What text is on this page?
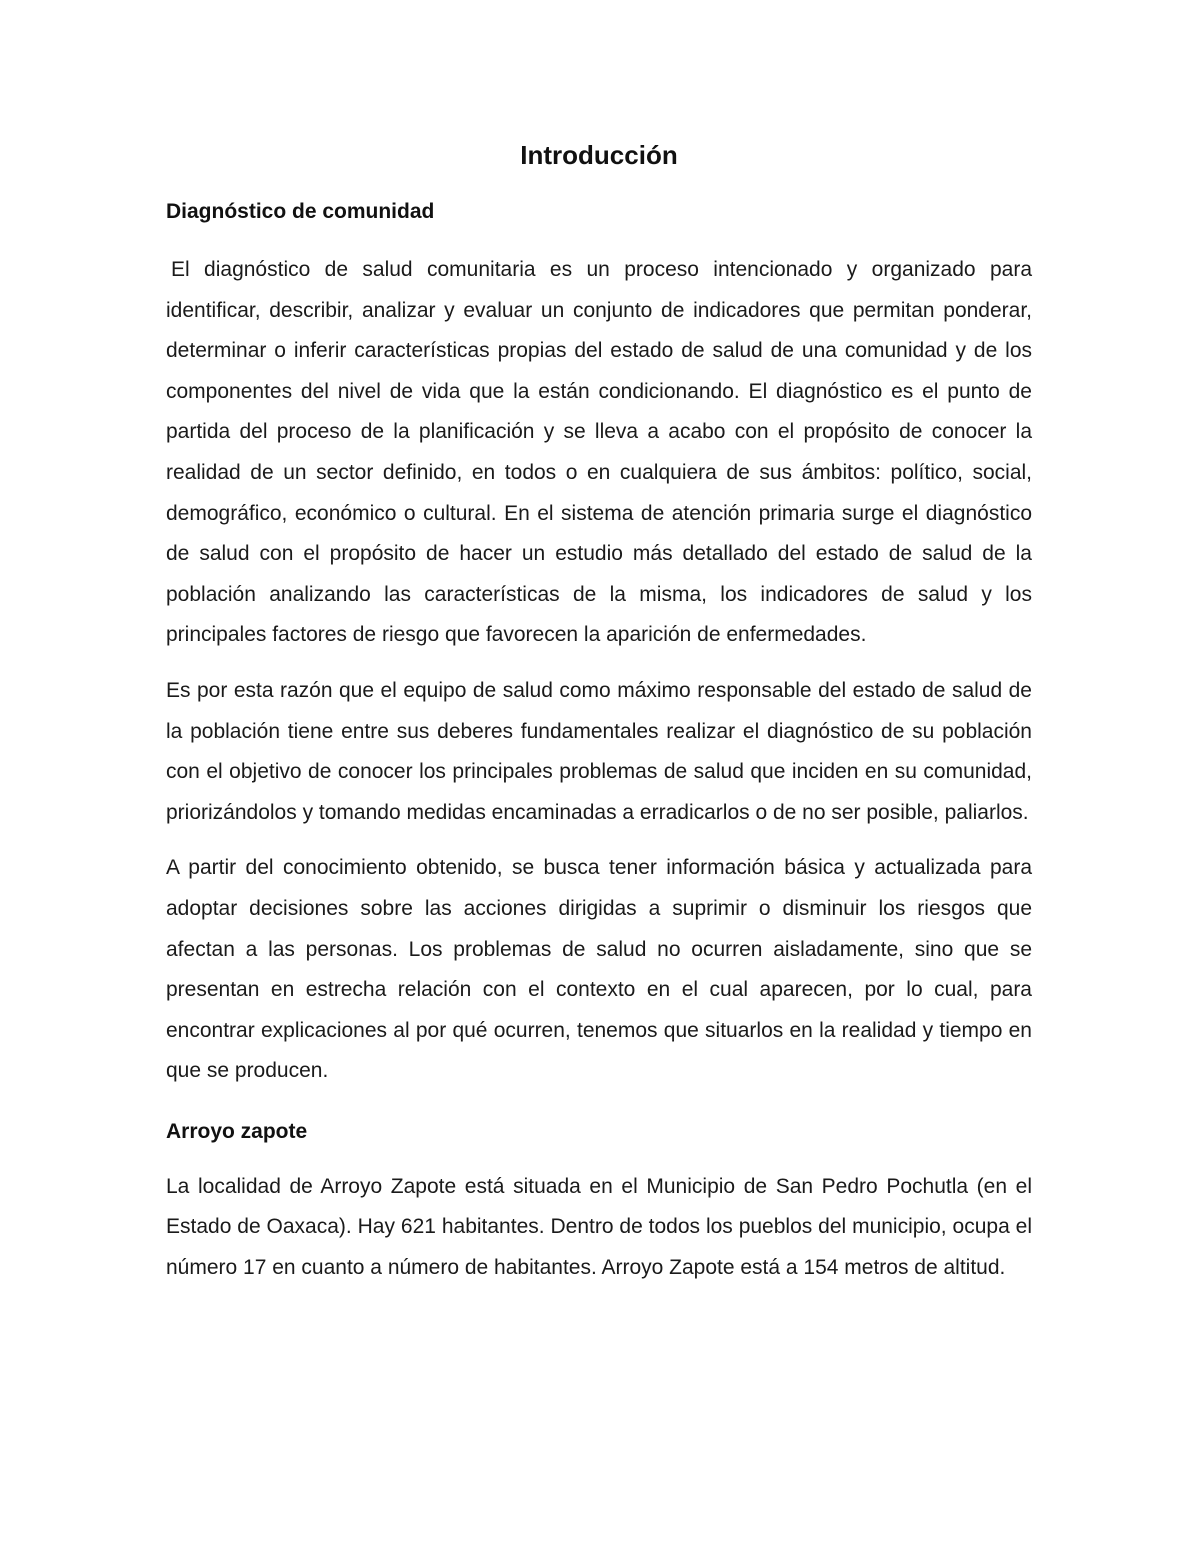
Introducción
Diagnóstico de comunidad

El diagnóstico de salud comunitaria es un proceso intencionado y organizado para identificar, describir, analizar y evaluar un conjunto de indicadores que permitan ponderar, determinar o inferir características propias del estado de salud de una comunidad y de los componentes del nivel de vida que la están condicionando. El diagnóstico es el punto de partida del proceso de la planificación y se lleva a acabo con el propósito de conocer la realidad de un sector definido, en todos o en cualquiera de sus ámbitos: político, social, demográfico, económico o cultural. En el sistema de atención primaria surge el diagnóstico de salud con el propósito de hacer un estudio más detallado del estado de salud de la población analizando las características de la misma, los indicadores de salud y los principales factores de riesgo que favorecen la aparición de enfermedades.

Es por esta razón que el equipo de salud como máximo responsable del estado de salud de la población tiene entre sus deberes fundamentales realizar el diagnóstico de su población con el objetivo de conocer los principales problemas de salud que inciden en su comunidad, priorizándolos y tomando medidas encaminadas a erradicarlos o de no ser posible, paliarlos.

A partir del conocimiento obtenido, se busca tener información básica y actualizada para adoptar decisiones sobre las acciones dirigidas a suprimir o disminuir los riesgos que afectan a las personas. Los problemas de salud no ocurren aisladamente, sino que se presentan en estrecha relación con el contexto en el cual aparecen, por lo cual, para encontrar explicaciones al por qué ocurren, tenemos que situarlos en la realidad y tiempo en que se producen.

Arroyo zapote

La localidad de Arroyo Zapote está situada en el Municipio de San Pedro Pochutla (en el Estado de Oaxaca). Hay 621 habitantes. Dentro de todos los pueblos del municipio, ocupa el número 17 en cuanto a número de habitantes. Arroyo Zapote está a 154 metros de altitud.
